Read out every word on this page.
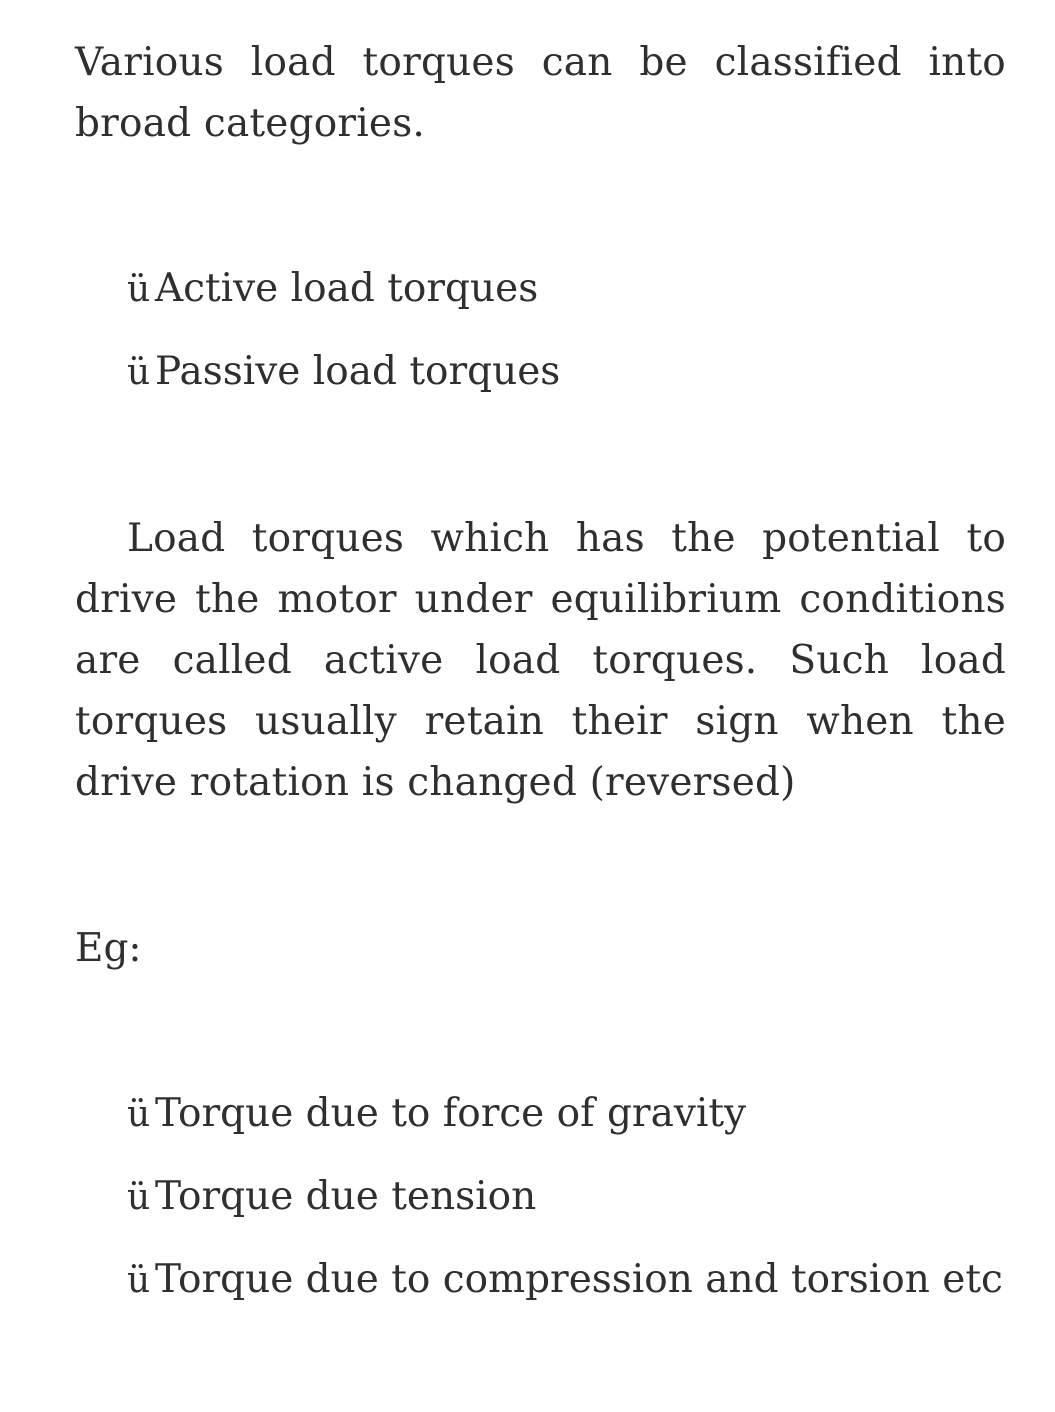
Various load torques can be classified into broad categories.

ü Active load torques
ü Passive load torques

Load torques which has the potential to drive the motor under equilibrium conditions are called active load torques. Such load torques usually retain their sign when the drive rotation is changed (reversed)

Eg:
ü Torque due to force of gravity
ü Torque due tension
ü Torque due to compression and torsion etc
